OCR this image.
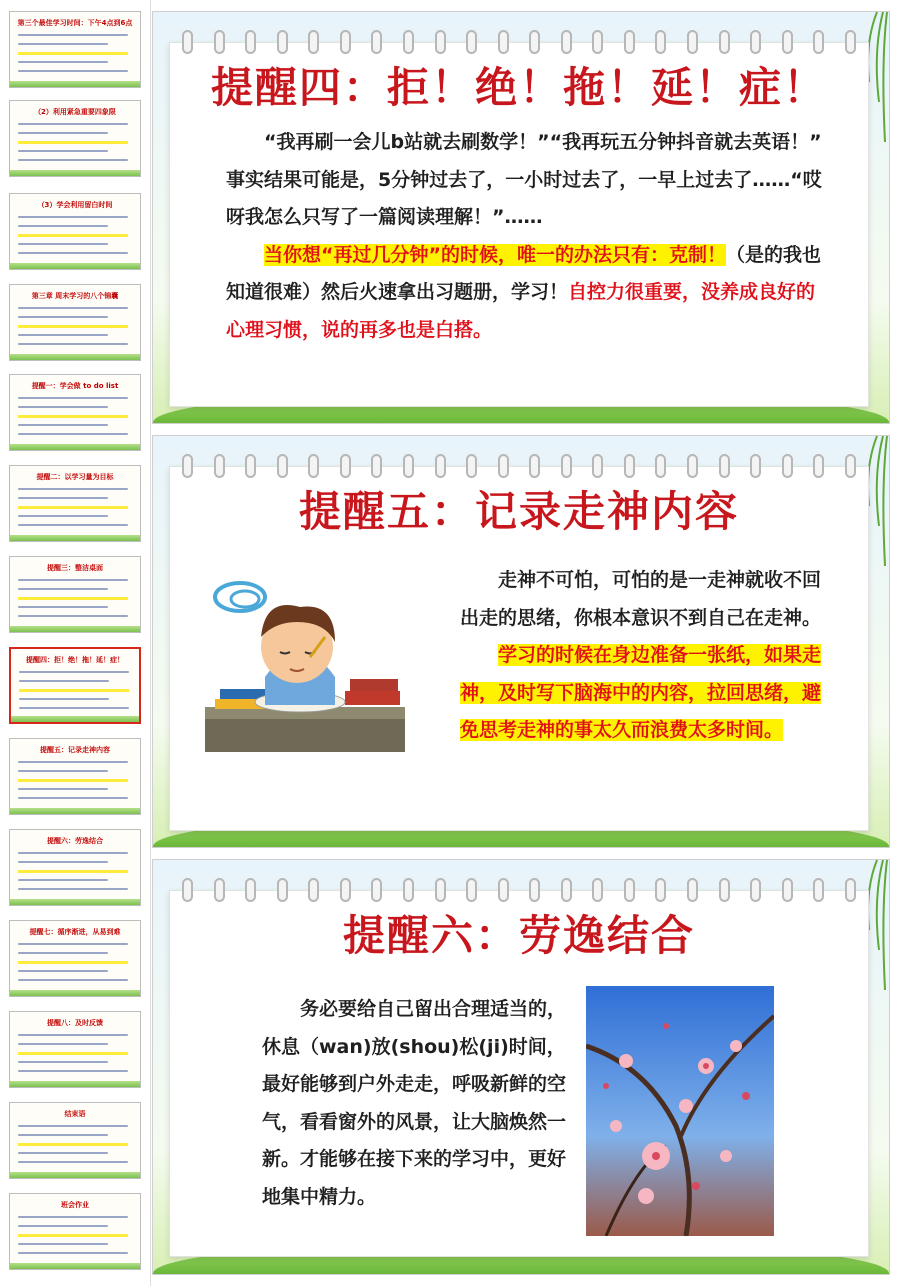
第三个最佳学习时间：下午4点到6点
（2）利用紧急重要四象限
（3）学会利用留白时间
第三章 周末学习的八个锦囊
提醒一：学会做 to do list
提醒二：以学习量为目标
提醒三：整洁桌面
提醒四：拒！绝！拖！延！症！
提醒五：记录走神内容
提醒六：劳逸结合
提醒七：循序渐进，从易到难
提醒八：及时反馈
结束语
班会作业
提醒四：拒！绝！拖！延！症！
“我再刷一会儿b站就去刷数学！”“我再玩五分钟抖音就去英语！” 事实结果可能是，5分钟过去了，一小时过去了，一早上过去了……“哎呀我怎么只写了一篇阅读理解！”……
当你想“再过几分钟”的时候，唯一的办法只有：克制！（是的我也知道很难）然后火速拿出习题册，学习！自控力很重要，没养成良好的心理习惯，说的再多也是白搭。
提醒五：记录走神内容
走神不可怕，可怕的是一走神就收不回出走的思绪，你根本意识不到自己在走神。
学习的时候在身边准备一张纸，如果走神，及时写下脑海中的内容，拉回思绪，避免思考走神的事太久而浪费太多时间。
提醒六：劳逸结合
务必要给自己留出合理适当的，休息（wan)放(shou)松(ji)时间，最好能够到户外走走，呼吸新鲜的空气，看看窗外的风景，让大脑焕然一新。才能够在接下来的学习中，更好地集中精力。
